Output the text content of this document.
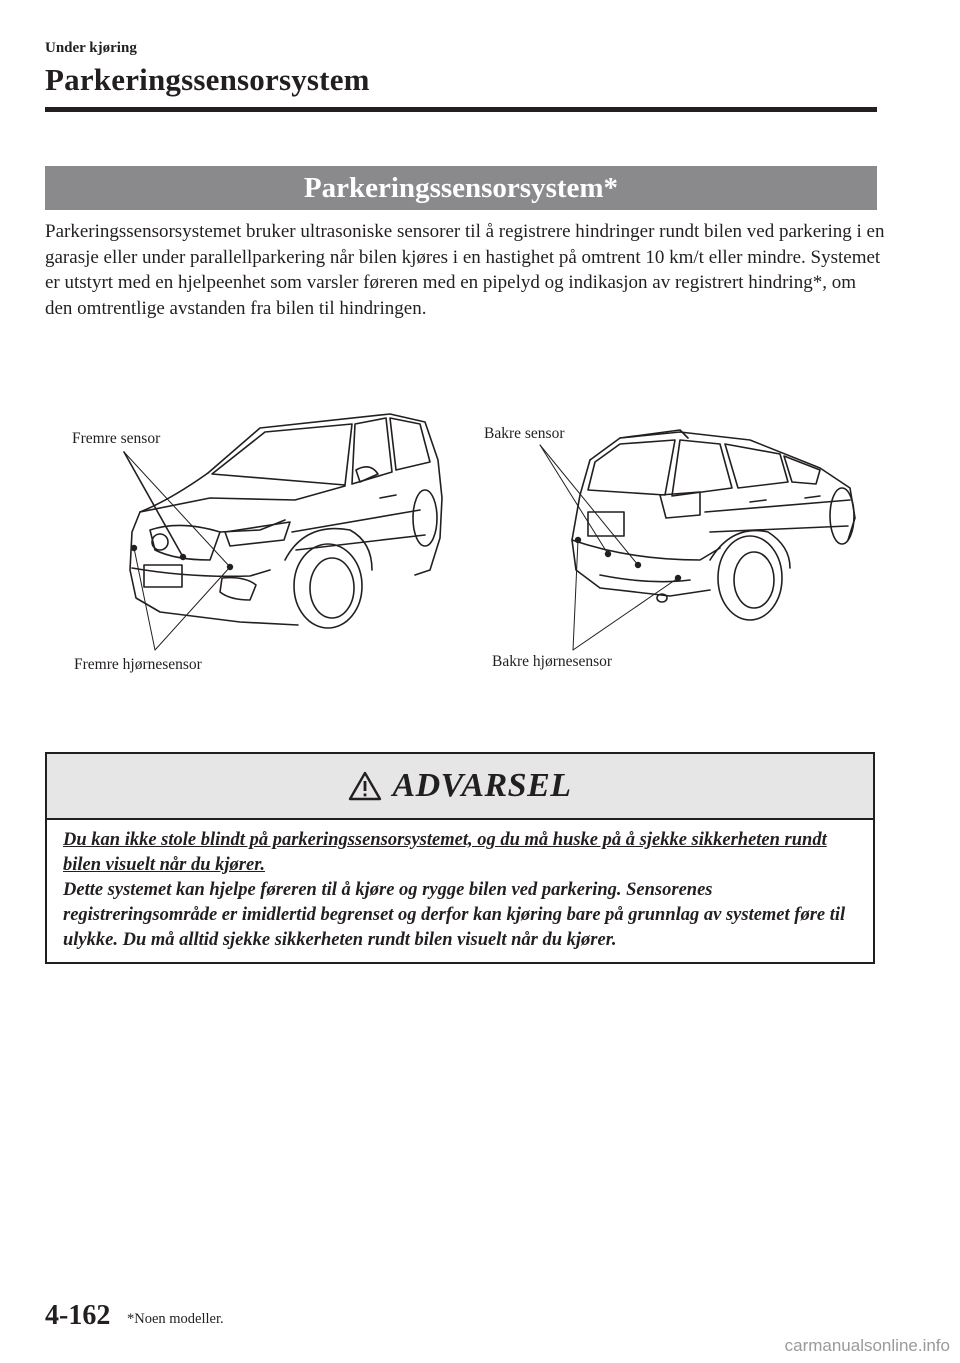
Under kjøring
Parkeringssensorsystem
Parkeringssensorsystem*
Parkeringssensorsystemet bruker ultrasoniske sensorer til å registrere hindringer rundt bilen ved parkering i en garasje eller under parallellparkering når bilen kjøres i en hastighet på omtrent 10 km/t eller mindre. Systemet er utstyrt med en hjelpeenhet som varsler føreren med en pipelyd og indikasjon av registrert hindring*, om den omtrentlige avstanden fra bilen til hindringen.
Fremre sensor
Fremre hjørnesensor
Bakre sensor
Bakre hjørnesensor
ADVARSEL
Du kan ikke stole blindt på parkeringssensorsystemet, og du må huske på å sjekke sikkerheten rundt bilen visuelt når du kjører.
Dette systemet kan hjelpe føreren til å kjøre og rygge bilen ved parkering. Sensorenes registreringsområde er imidlertid begrenset og derfor kan kjøring bare på grunnlag av systemet føre til ulykke. Du må alltid sjekke sikkerheten rundt bilen visuelt når du kjører.
4-162 *Noen modeller.
carmanualsonline.info
